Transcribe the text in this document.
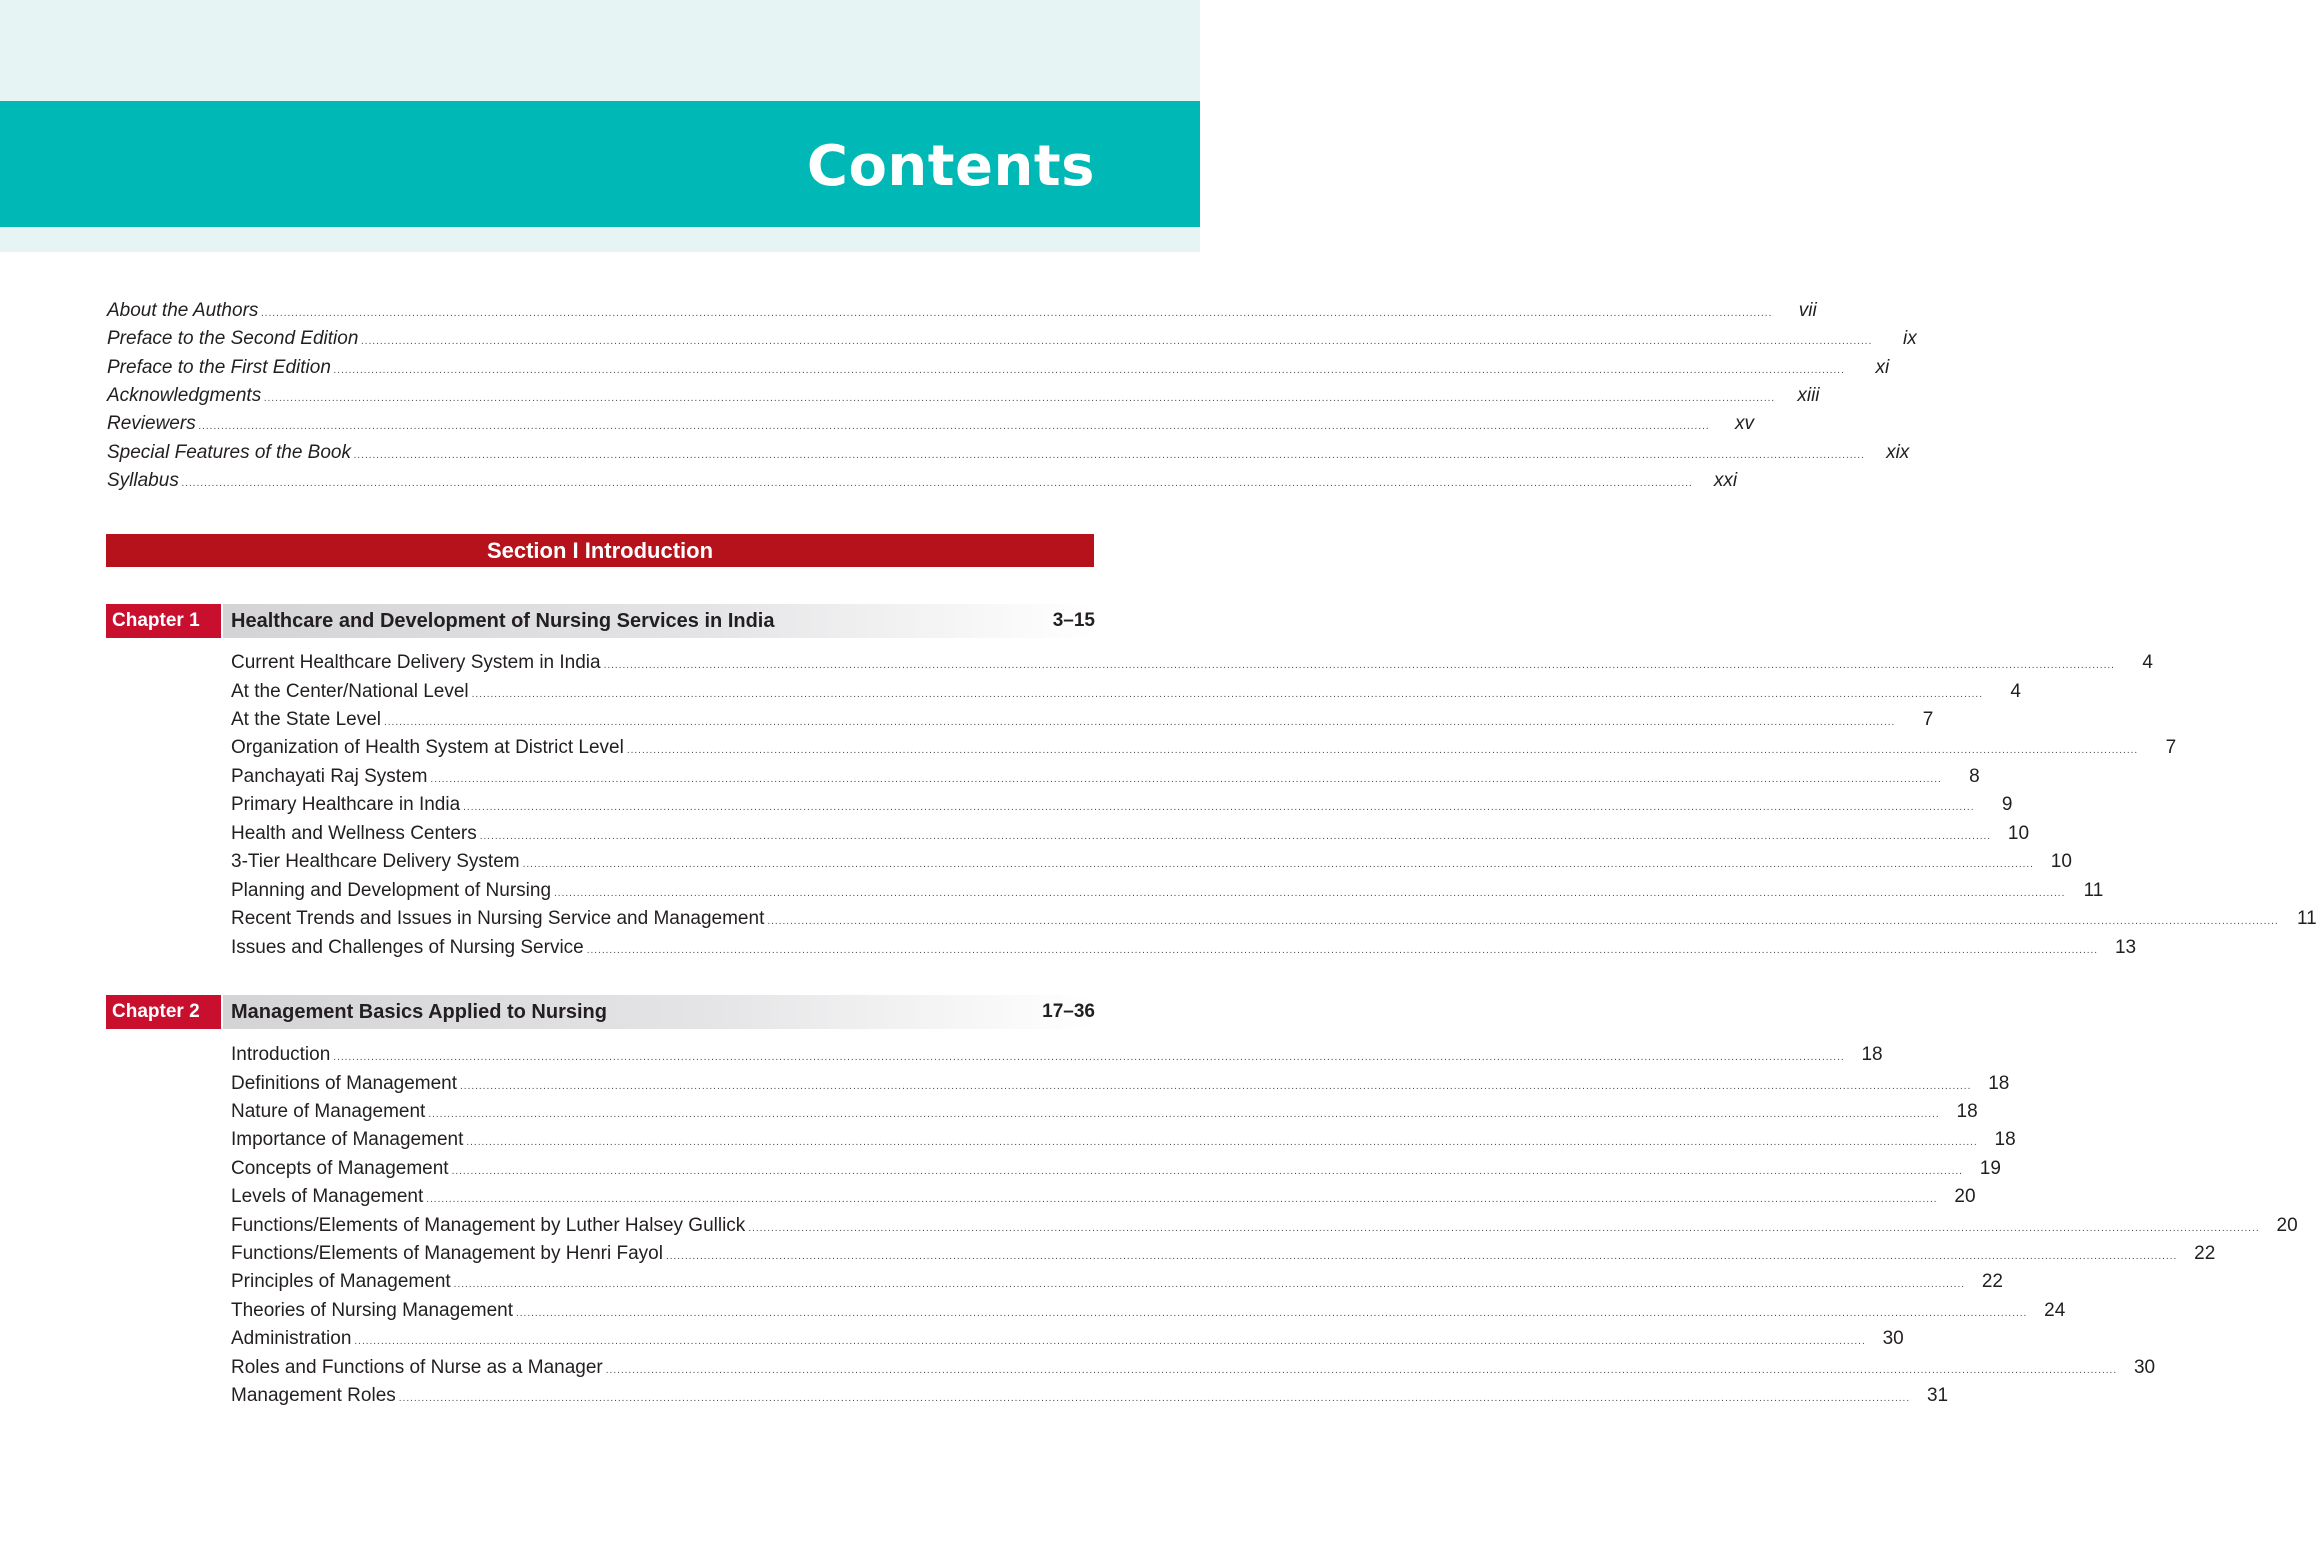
Contents
About the Authors ................................................................................................................................................................................................................................................................................................................................................................................................................	vii
Preface to the Second Edition ................................................................................................................................................................................................................................................................................................................................................................................................................	ix
Preface to the First Edition ................................................................................................................................................................................................................................................................................................................................................................................................................	xi
Acknowledgments ................................................................................................................................................................................................................................................................................................................................................................................................................	xiii
Reviewers ................................................................................................................................................................................................................................................................................................................................................................................................................	xv
Special Features of the Book ................................................................................................................................................................................................................................................................................................................................................................................................................	xix
Syllabus ................................................................................................................................................................................................................................................................................................................................................................................................................	xxi
Section I Introduction
Chapter 1	Healthcare and Development of Nursing Services in India	3–15
Current Healthcare Delivery System in India ................................................................................................................................................................................................................................................................................................................................................................................................................	4
At the Center/National Level ................................................................................................................................................................................................................................................................................................................................................................................................................	4
At the State Level ................................................................................................................................................................................................................................................................................................................................................................................................................	7
Organization of Health System at District Level ................................................................................................................................................................................................................................................................................................................................................................................................................	7
Panchayati Raj System ................................................................................................................................................................................................................................................................................................................................................................................................................	8
Primary Healthcare in India ................................................................................................................................................................................................................................................................................................................................................................................................................	9
Health and Wellness Centers ................................................................................................................................................................................................................................................................................................................................................................................................................ 10
3-Tier Healthcare Delivery System ................................................................................................................................................................................................................................................................................................................................................................................................................ 10
Planning and Development of Nursing ................................................................................................................................................................................................................................................................................................................................................................................................................ 11
Recent Trends and Issues in Nursing Service and Management ................................................................................................................................................................................................................................................................................................................................................................................................................ 11
Issues and Challenges of Nursing Service ................................................................................................................................................................................................................................................................................................................................................................................................................ 13
Chapter 2	Management Basics Applied to Nursing	17–36
Introduction ................................................................................................................................................................................................................................................................................................................................................................................................................ 18
Definitions of Management ................................................................................................................................................................................................................................................................................................................................................................................................................ 18
Nature of Management ................................................................................................................................................................................................................................................................................................................................................................................................................ 18
Importance of Management ................................................................................................................................................................................................................................................................................................................................................................................................................ 18
Concepts of Management ................................................................................................................................................................................................................................................................................................................................................................................................................ 19
Levels of Management ................................................................................................................................................................................................................................................................................................................................................................................................................ 20
Functions/Elements of Management by Luther Halsey Gullick ................................................................................................................................................................................................................................................................................................................................................................................................................ 20
Functions/Elements of Management by Henri Fayol ................................................................................................................................................................................................................................................................................................................................................................................................................ 22
Principles of Management ................................................................................................................................................................................................................................................................................................................................................................................................................ 22
Theories of Nursing Management ................................................................................................................................................................................................................................................................................................................................................................................................................ 24
Administration ................................................................................................................................................................................................................................................................................................................................................................................................................ 30
Roles and Functions of Nurse as a Manager ................................................................................................................................................................................................................................................................................................................................................................................................................ 30
Management Roles ................................................................................................................................................................................................................................................................................................................................................................................................................ 31
